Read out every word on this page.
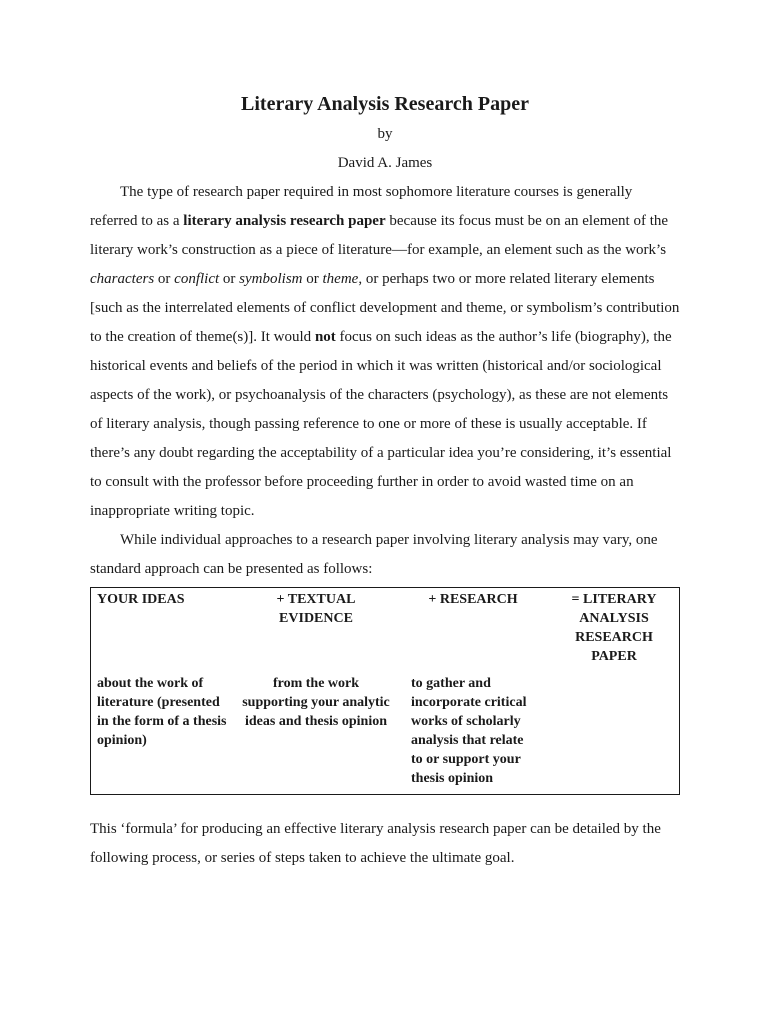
Literary Analysis Research Paper
by
David A. James

The type of research paper required in most sophomore literature courses is generally referred to as a literary analysis research paper because its focus must be on an element of the literary work’s construction as a piece of literature—for example, an element such as the work’s characters or conflict or symbolism or theme, or perhaps two or more related literary elements [such as the interrelated elements of conflict development and theme, or symbolism’s contribution to the creation of theme(s)]. It would not focus on such ideas as the author’s life (biography), the historical events and beliefs of the period in which it was written (historical and/or sociological aspects of the work), or psychoanalysis of the characters (psychology), as these are not elements of literary analysis, though passing reference to one or more of these is usually acceptable. If there’s any doubt regarding the acceptability of a particular idea you’re considering, it’s essential to consult with the professor before proceeding further in order to avoid wasted time on an inappropriate writing topic.

While individual approaches to a research paper involving literary analysis may vary, one standard approach can be presented as follows:

YOUR IDEAS	+ TEXTUAL EVIDENCE	+ RESEARCH	= LITERARY ANALYSIS RESEARCH PAPER
about the work of literature (presented in the form of a thesis opinion)	from the work supporting your analytic ideas and thesis opinion	to gather and incorporate critical works of scholarly analysis that relate to or support your thesis opinion	

This ‘formula’ for producing an effective literary analysis research paper can be detailed by the following process, or series of steps taken to achieve the ultimate goal.
